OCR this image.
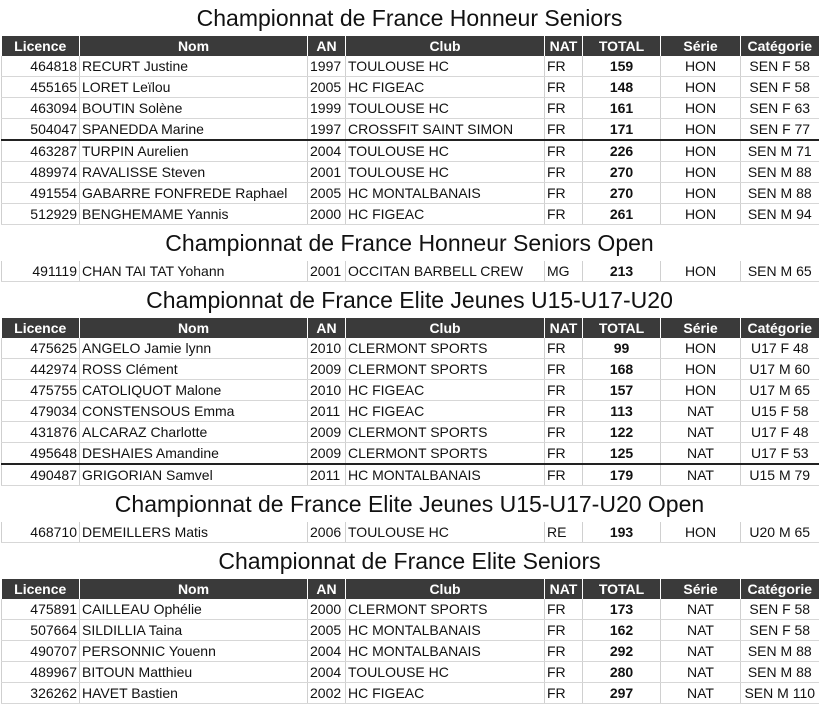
Championnat de France Honneur Seniors
Licence	Nom	AN	Club	NAT	TOTAL	Série	Catégorie
464818	RECURT Justine	1997	TOULOUSE HC	FR	159	HON	SEN F 58
455165	LORET Leïlou	2005	HC FIGEAC	FR	148	HON	SEN F 58
463094	BOUTIN Solène	1999	TOULOUSE HC	FR	161	HON	SEN F 63
504047	SPANEDDA Marine	1997	CROSSFIT SAINT SIMON	FR	171	HON	SEN F 77
463287	TURPIN Aurelien	2004	TOULOUSE HC	FR	226	HON	SEN M 71
489974	RAVALISSE Steven	2001	TOULOUSE HC	FR	270	HON	SEN M 88
491554	GABARRE FONFREDE Raphael	2005	HC MONTALBANAIS	FR	270	HON	SEN M 88
512929	BENGHEMAME Yannis	2000	HC FIGEAC	FR	261	HON	SEN M 94
Championnat de France Honneur Seniors Open
491119	CHAN TAI TAT Yohann	2001	OCCITAN BARBELL CREW	MG	213	HON	SEN M 65
Championnat de France Elite Jeunes U15-U17-U20
Licence	Nom	AN	Club	NAT	TOTAL	Série	Catégorie
475625	ANGELO Jamie lynn	2010	CLERMONT SPORTS	FR	99	HON	U17 F 48
442974	ROSS Clément	2009	CLERMONT SPORTS	FR	168	HON	U17 M 60
475755	CATOLIQUOT Malone	2010	HC FIGEAC	FR	157	HON	U17 M 65
479034	CONSTENSOUS Emma	2011	HC FIGEAC	FR	113	NAT	U15 F 58
431876	ALCARAZ Charlotte	2009	CLERMONT SPORTS	FR	122	NAT	U17 F 48
495648	DESHAIES Amandine	2009	CLERMONT SPORTS	FR	125	NAT	U17 F 53
490487	GRIGORIAN Samvel	2011	HC MONTALBANAIS	FR	179	NAT	U15 M 79
Championnat de France Elite Jeunes U15-U17-U20 Open
468710	DEMEILLERS Matis	2006	TOULOUSE HC	RE	193	HON	U20 M 65
Championnat de France Elite Seniors
Licence	Nom	AN	Club	NAT	TOTAL	Série	Catégorie
475891	CAILLEAU Ophélie	2000	CLERMONT SPORTS	FR	173	NAT	SEN F 58
507664	SILDILLIA Taina	2005	HC MONTALBANAIS	FR	162	NAT	SEN F 58
490707	PERSONNIC Youenn	2004	HC MONTALBANAIS	FR	292	NAT	SEN M 88
489967	BITOUN Matthieu	2004	TOULOUSE HC	FR	280	NAT	SEN M 88
326262	HAVET Bastien	2002	HC FIGEAC	FR	297	NAT	SEN M 110
